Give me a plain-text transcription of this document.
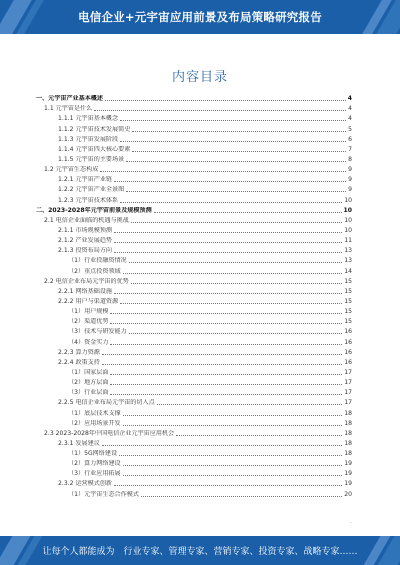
电信企业+元宇宙应用前景及布局策略研究报告
内容目录
一、元宇宙产业基本概述	4
1.1 元宇宙是什么	4
1.1.1 元宇宙基本概念	4
1.1.2 元宇宙技术发展简史	5
1.1.3 元宇宙发展阶段	6
1.1.4 元宇宙四大核心要素	7
1.1.5 元宇宙的主要场景	8
1.2 元宇宙生态构成	9
1.2.1 元宇宙产业链	9
1.2.2 元宇宙产业全景图	9
1.2.3 元宇宙技术体系	10
二、2023-2028年元宇宙前景及规模预测	10
2.1 电信企业面临的机遇与挑战	10
2.1.1 市场规模预测	10
2.1.2 产业发展趋势	11
2.1.3 投资布局方向	13
（1）行业投融资情况	13
（2）重点投资领域	14
2.2 电信企业布局元宇宙的优势	15
2.2.1 网络基础设施	15
2.2.2 用户与渠道资源	15
（1）用户规模	15
（2）渠道优势	15
（3）技术与研发能力	16
（4）资金实力	16
2.2.3 算力资源	16
2.2.4 政策支持	16
（1）国家层面	17
（2）地方层面	17
（3）行业层面	17
2.2.5 电信企业布局元宇宙的切入点	17
（1）底层技术支撑	18
（2）应用场景开发	18
2.3 2023-2028年中国电信企业元宇宙应用机会	18
2.3.1 发展建议	18
（1）5G网络建设	18
（2）算力网络建设	19
（3）行业应用拓展	19
2.3.2 运营模式创新	19
（1）元宇宙生态合作模式	20
·
让每个人都能成为　行业专家、管理专家、营销专家、投资专家、战略专家……
